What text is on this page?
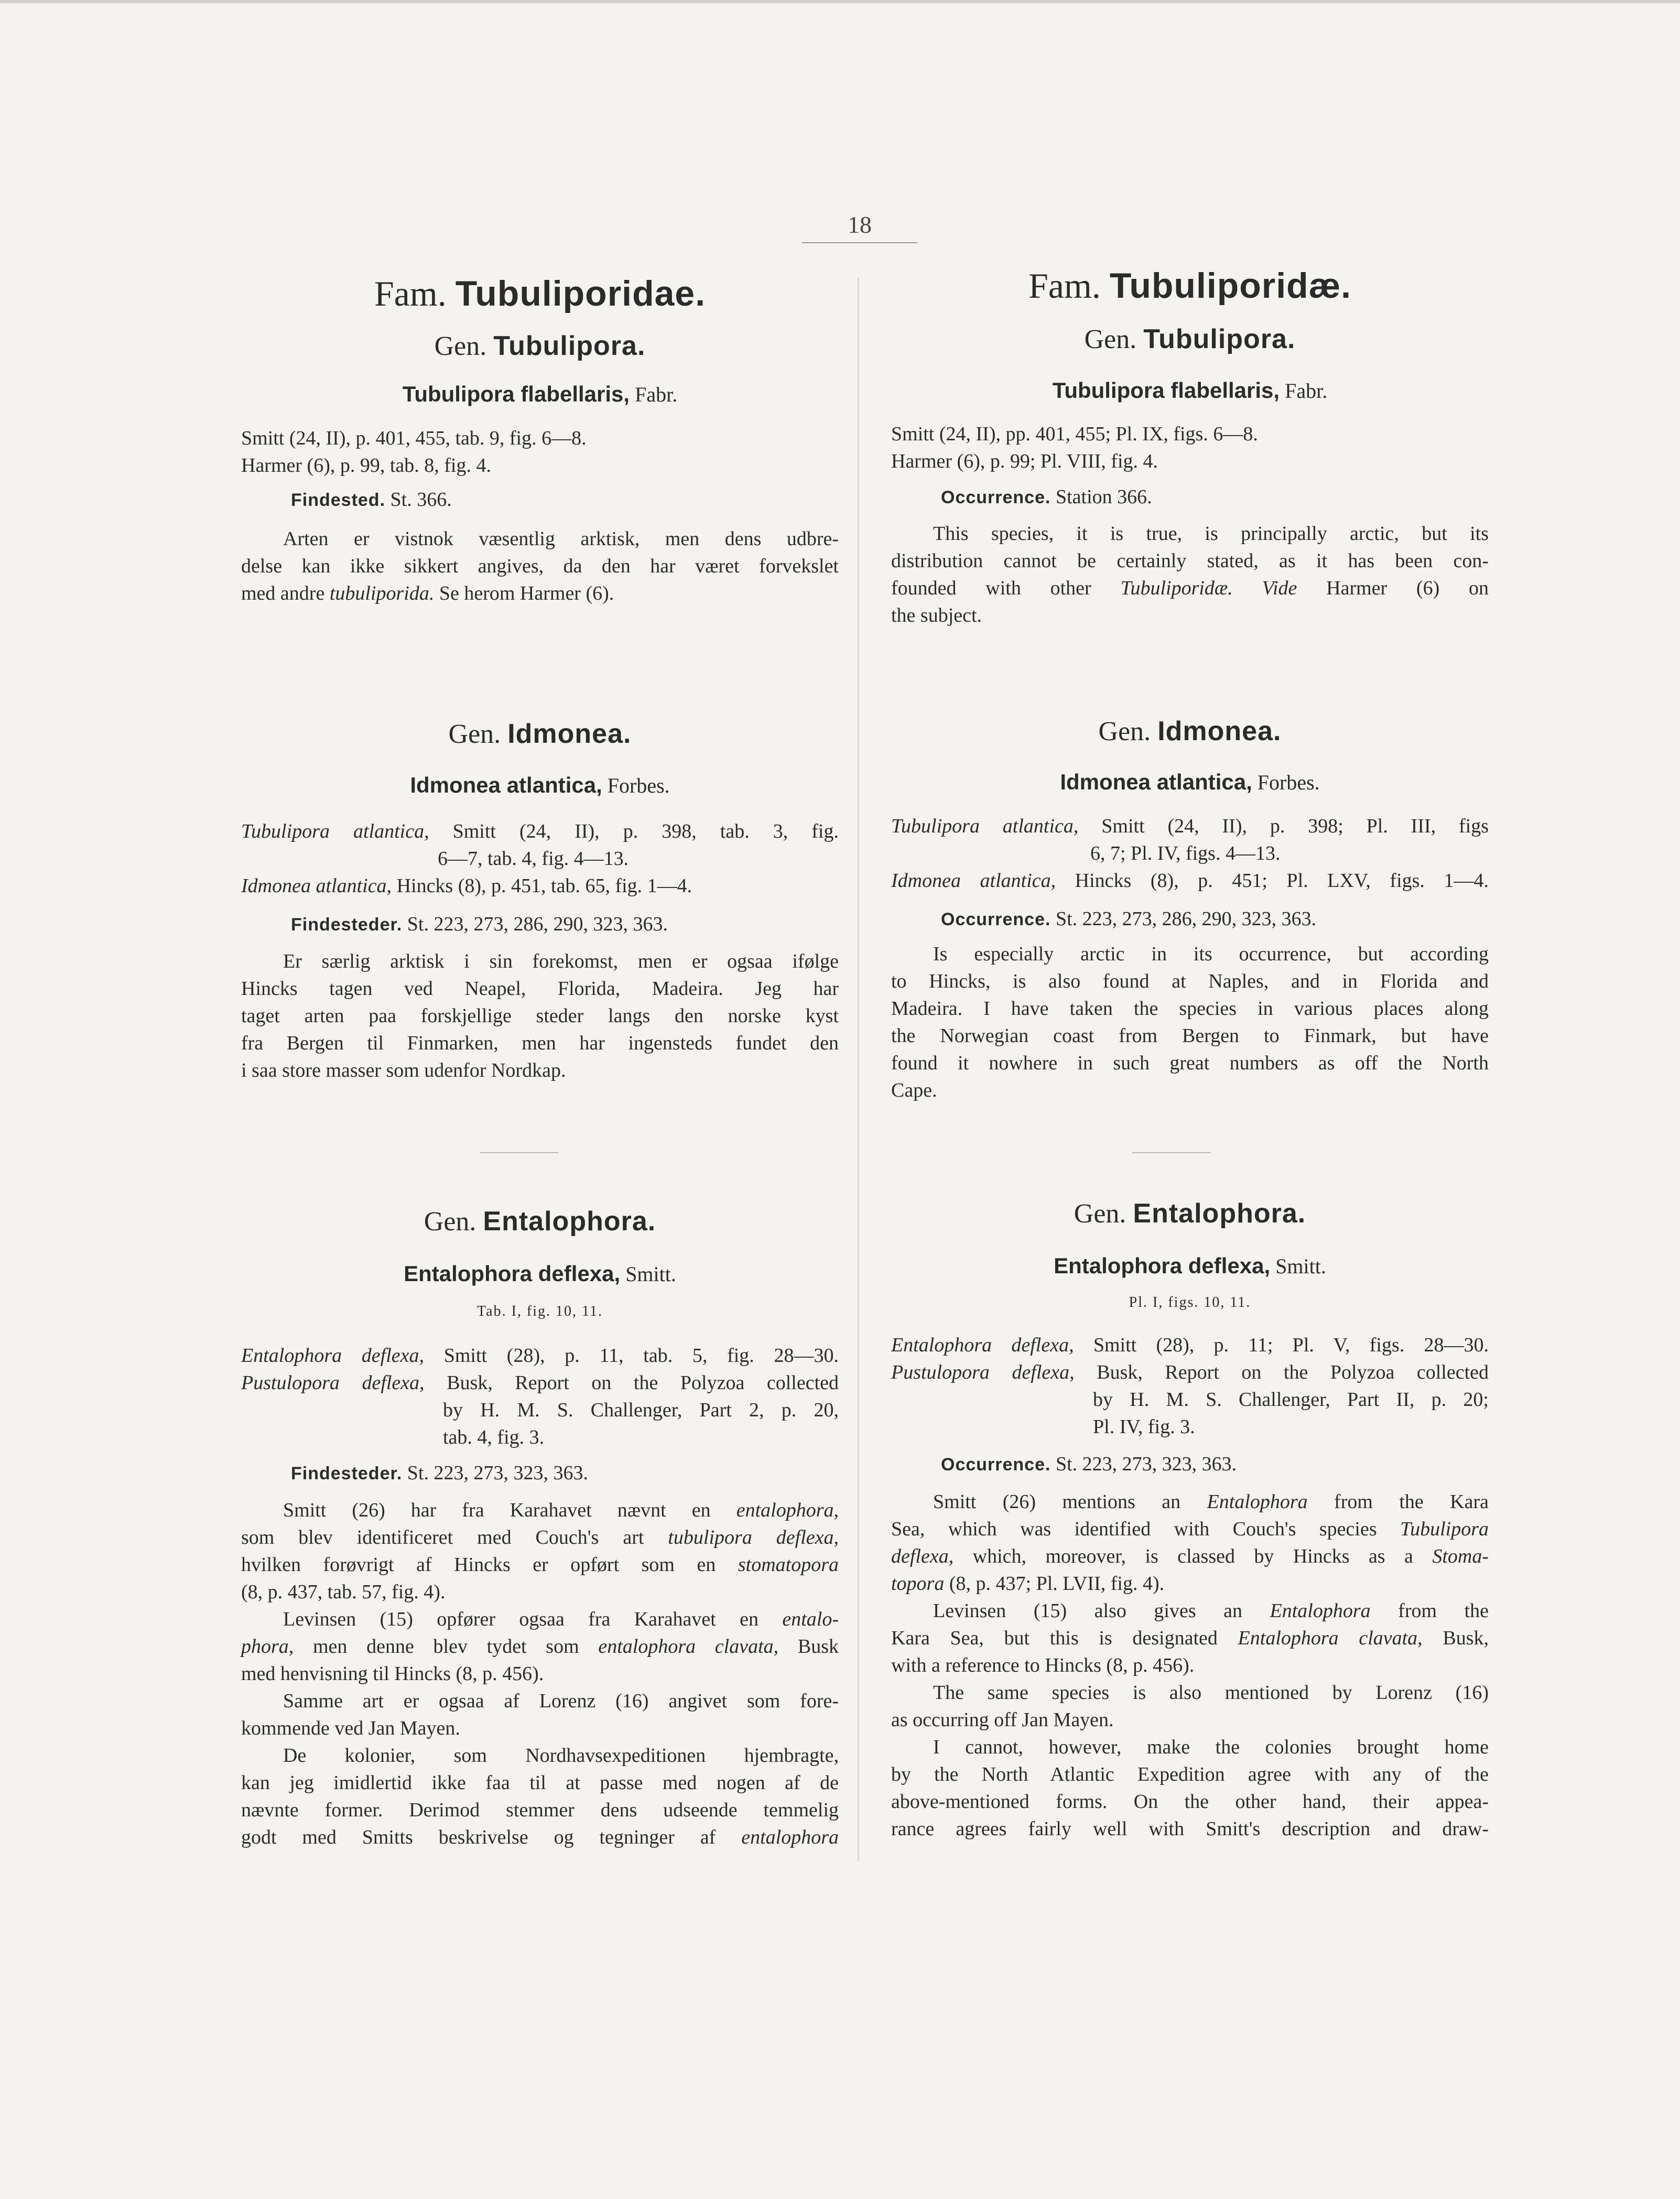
18
Fam. Tubuliporidae.
Gen. Tubulipora.
Tubulipora flabellaris, Fabr.
Smitt (24, II), p. 401, 455, tab. 9, fig. 6—8.
Harmer (6), p. 99, tab. 8, fig. 4.
Findested. St. 366.
Arten er vistnok væsentlig arktisk, men dens udbre-
delse kan ikke sikkert angives, da den har været forvekslet
med andre tubuliporida. Se herom Harmer (6).
Gen. Idmonea.
Idmonea atlantica, Forbes.
Tubulipora atlantica, Smitt (24, II), p. 398, tab. 3, fig.
6—7, tab. 4, fig. 4—13.
Idmonea atlantica, Hincks (8), p. 451, tab. 65, fig. 1—4.
Findesteder. St. 223, 273, 286, 290, 323, 363.
Er særlig arktisk i sin forekomst, men er ogsaa ifølge
Hincks tagen ved Neapel, Florida, Madeira. Jeg har
taget arten paa forskjellige steder langs den norske kyst
fra Bergen til Finmarken, men har ingensteds fundet den
i saa store masser som udenfor Nordkap.
Gen. Entalophora.
Entalophora deflexa, Smitt.
Tab. I, fig. 10, 11.
Entalophora deflexa, Smitt (28), p. 11, tab. 5, fig. 28—30.
Pustulopora deflexa, Busk, Report on the Polyzoa collected
by H. M. S. Challenger, Part 2, p. 20,
tab. 4, fig. 3.
Findesteder. St. 223, 273, 323, 363.
Smitt (26) har fra Karahavet nævnt en entalophora,
som blev identificeret med Couch's art tubulipora deflexa,
hvilken forøvrigt af Hincks er opført som en stomatopora
(8, p. 437, tab. 57, fig. 4).
Levinsen (15) opfører ogsaa fra Karahavet en entalo-
phora, men denne blev tydet som entalophora clavata, Busk
med henvisning til Hincks (8, p. 456).
Samme art er ogsaa af Lorenz (16) angivet som fore-
kommende ved Jan Mayen.
De kolonier, som Nordhavsexpeditionen hjembragte,
kan jeg imidlertid ikke faa til at passe med nogen af de
nævnte former. Derimod stemmer dens udseende temmelig
godt med Smitts beskrivelse og tegninger af entalophora
Fam. Tubuliporidæ.
Gen. Tubulipora.
Tubulipora flabellaris, Fabr.
Smitt (24, II), pp. 401, 455; Pl. IX, figs. 6—8.
Harmer (6), p. 99; Pl. VIII, fig. 4.
Occurrence. Station 366.
This species, it is true, is principally arctic, but its
distribution cannot be certainly stated, as it has been con-
founded with other Tubuliporidæ. Vide Harmer (6) on
the subject.
Gen. Idmonea.
Idmonea atlantica, Forbes.
Tubulipora atlantica, Smitt (24, II), p. 398; Pl. III, figs
6, 7; Pl. IV, figs. 4—13.
Idmonea atlantica, Hincks (8), p. 451; Pl. LXV, figs. 1—4.
Occurrence. St. 223, 273, 286, 290, 323, 363.
Is especially arctic in its occurrence, but according
to Hincks, is also found at Naples, and in Florida and
Madeira. I have taken the species in various places along
the Norwegian coast from Bergen to Finmark, but have
found it nowhere in such great numbers as off the North
Cape.
Gen. Entalophora.
Entalophora deflexa, Smitt.
Pl. I, figs. 10, 11.
Entalophora deflexa, Smitt (28), p. 11; Pl. V, figs. 28—30.
Pustulopora deflexa, Busk, Report on the Polyzoa collected
by H. M. S. Challenger, Part II, p. 20;
Pl. IV, fig. 3.
Occurrence. St. 223, 273, 323, 363.
Smitt (26) mentions an Entalophora from the Kara
Sea, which was identified with Couch's species Tubulipora
deflexa, which, moreover, is classed by Hincks as a Stoma-
topora (8, p. 437; Pl. LVII, fig. 4).
Levinsen (15) also gives an Entalophora from the
Kara Sea, but this is designated Entalophora clavata, Busk,
with a reference to Hincks (8, p. 456).
The same species is also mentioned by Lorenz (16)
as occurring off Jan Mayen.
I cannot, however, make the colonies brought home
by the North Atlantic Expedition agree with any of the
above-mentioned forms. On the other hand, their appea-
rance agrees fairly well with Smitt's description and draw-
